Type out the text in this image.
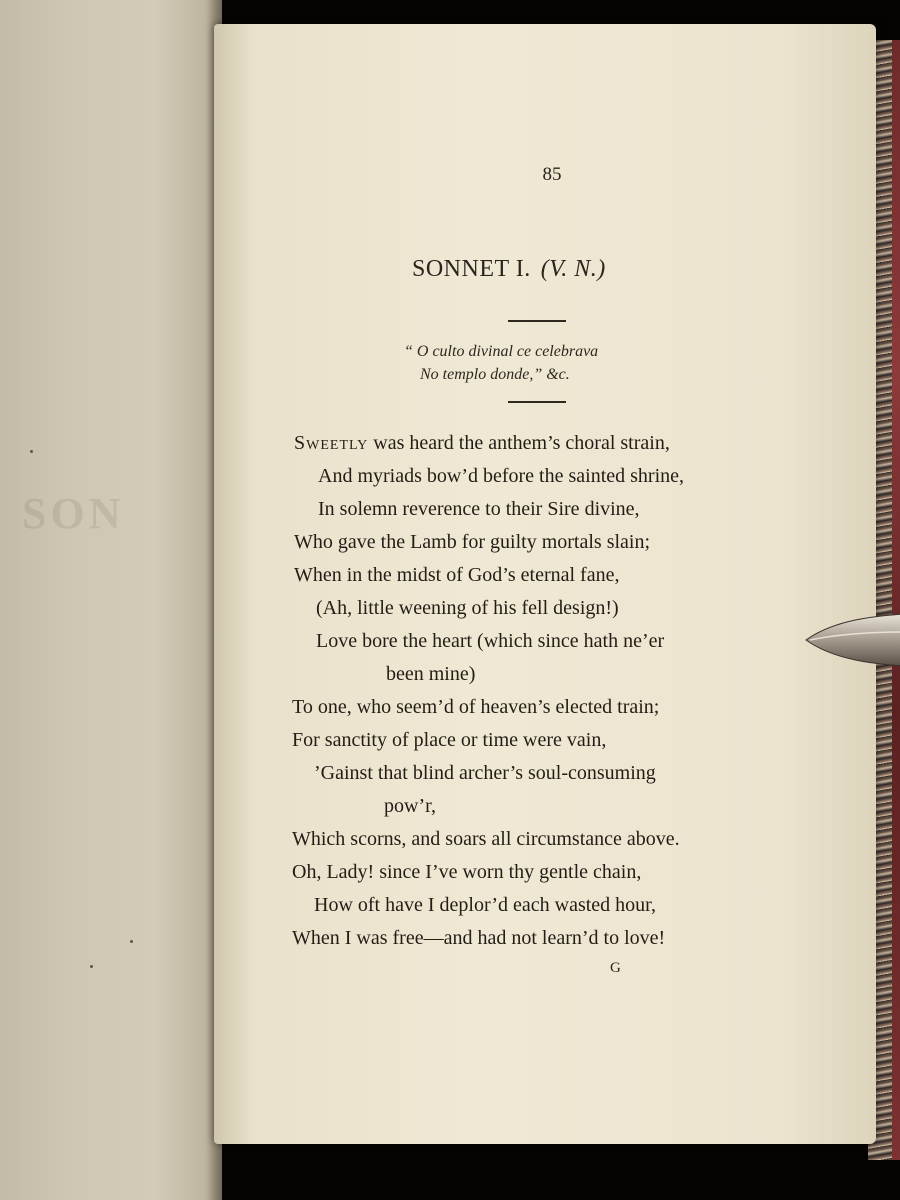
SON
85
SONNET I. (V. N.)
“ O culto divinal ce celebrava
No templo donde,” &c.
Sweetly was heard the anthem’s choral strain,
And myriads bow’d before the sainted shrine,
In solemn reverence to their Sire divine,
Who gave the Lamb for guilty mortals slain;
When in the midst of God’s eternal fane,
(Ah, little weening of his fell design!)
Love bore the heart (which since hath ne’er
been mine)
To one, who seem’d of heaven’s elected train;
For sanctity of place or time were vain,
’Gainst that blind archer’s soul-consuming
pow’r,
Which scorns, and soars all circumstance above.
Oh, Lady! since I’ve worn thy gentle chain,
How oft have I deplor’d each wasted hour,
When I was free—and had not learn’d to love!
G
